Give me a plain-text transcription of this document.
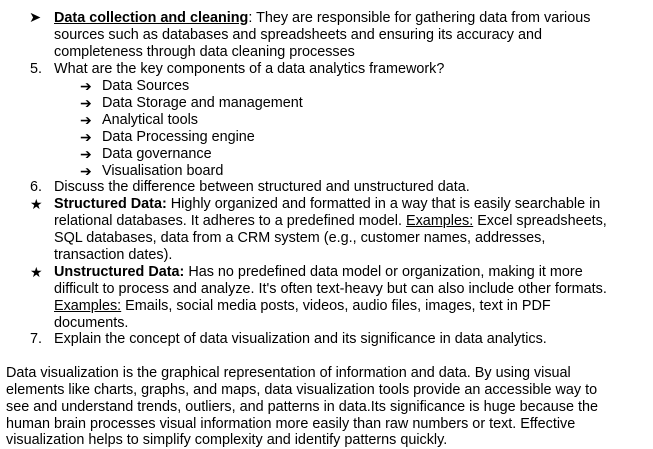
➤ Data collection and cleaning: They are responsible for gathering data from various
sources such as databases and spreadsheets and ensuring its accuracy and
completeness through data cleaning processes
5. What are the key components of a data analytics framework?
➔ Data Sources
➔ Data Storage and management
➔ Analytical tools
➔ Data Processing engine
➔ Data governance
➔ Visualisation board
6. Discuss the difference between structured and unstructured data.
★ Structured Data: Highly organized and formatted in a way that is easily searchable in
relational databases. It adheres to a predefined model. Examples: Excel spreadsheets,
SQL databases, data from a CRM system (e.g., customer names, addresses,
transaction dates).
★ Unstructured Data: Has no predefined data model or organization, making it more
difficult to process and analyze. It's often text-heavy but can also include other formats.
Examples: Emails, social media posts, videos, audio files, images, text in PDF
documents.
7. Explain the concept of data visualization and its significance in data analytics.
Data visualization is the graphical representation of information and data. By using visual
elements like charts, graphs, and maps, data visualization tools provide an accessible way to
see and understand trends, outliers, and patterns in data.Its significance is huge because the
human brain processes visual information more easily than raw numbers or text. Effective
visualization helps to simplify complexity and identify patterns quickly.
